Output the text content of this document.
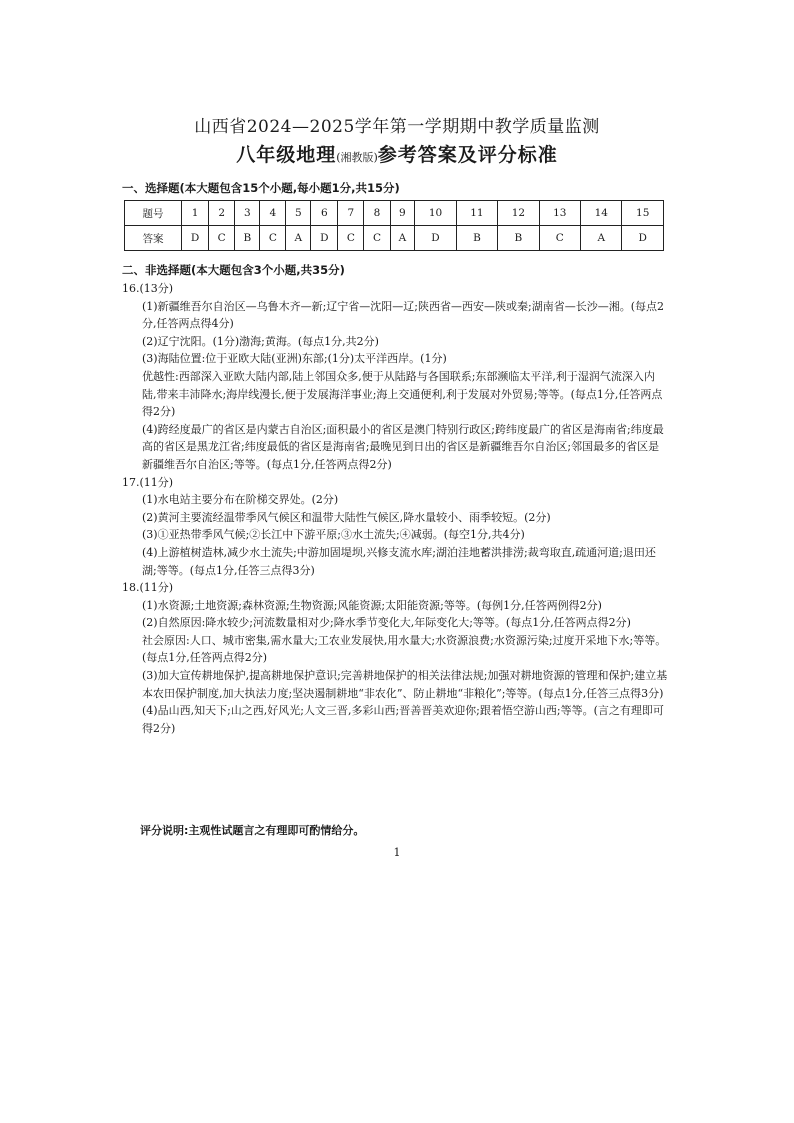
山西省2024—2025学年第一学期期中教学质量监测
八年级地理(湘教版)参考答案及评分标准
一、选择题(本大题包含15个小题,每小题1分,共15分)
题号	1	2	3	4	5	6	7	8	9	10	11	12	13	14	15
答案	D	C	B	C	A	D	C	C	A	D	B	B	C	A	D
二、非选择题(本大题包含3个小题,共35分)

16.(13分)

(1)新疆维吾尔自治区—乌鲁木齐—新;辽宁省—沈阳—辽;陕西省—西安—陕或秦;湖南省—长沙—湘。(每点2分,任答两点得4分)

(2)辽宁沈阳。(1分)渤海;黄海。(每点1分,共2分)

(3)海陆位置:位于亚欧大陆(亚洲)东部;(1分)太平洋西岸。(1分)

优越性:西部深入亚欧大陆内部,陆上邻国众多,便于从陆路与各国联系;东部濒临太平洋,利于湿润气流深入内陆,带来丰沛降水;海岸线漫长,便于发展海洋事业;海上交通便利,利于发展对外贸易;等等。(每点1分,任答两点得2分)

(4)跨经度最广的省区是内蒙古自治区;面积最小的省区是澳门特别行政区;跨纬度最广的省区是海南省;纬度最高的省区是黑龙江省;纬度最低的省区是海南省;最晚见到日出的省区是新疆维吾尔自治区;邻国最多的省区是新疆维吾尔自治区;等等。(每点1分,任答两点得2分)

17.(11分)

(1)水电站主要分布在阶梯交界处。(2分)

(2)黄河主要流经温带季风气候区和温带大陆性气候区,降水量较小、雨季较短。(2分)

(3)①亚热带季风气候;②长江中下游平原;③水土流失;④减弱。(每空1分,共4分)

(4)上游植树造林,减少水土流失;中游加固堤坝,兴修支流水库;湖泊洼地蓄洪排涝;裁弯取直,疏通河道;退田还湖;等等。(每点1分,任答三点得3分)

18.(11分)

(1)水资源;土地资源;森林资源;生物资源;风能资源;太阳能资源;等等。(每例1分,任答两例得2分)

(2)自然原因:降水较少;河流数量相对少;降水季节变化大,年际变化大;等等。(每点1分,任答两点得2分)

社会原因:人口、城市密集,需水量大;工农业发展快,用水量大;水资源浪费;水资源污染;过度开采地下水;等等。(每点1分,任答两点得2分)

(3)加大宣传耕地保护,提高耕地保护意识;完善耕地保护的相关法律法规;加强对耕地资源的管理和保护;建立基本农田保护制度,加大执法力度;坚决遏制耕地“非农化”、防止耕地“非粮化”;等等。(每点1分,任答三点得3分)

(4)品山西,知天下;山之西,好风光;人文三晋,多彩山西;晋善晋美欢迎你;跟着悟空游山西;等等。(言之有理即可得2分)

评分说明:主观性试题言之有理即可酌情给分。
1
